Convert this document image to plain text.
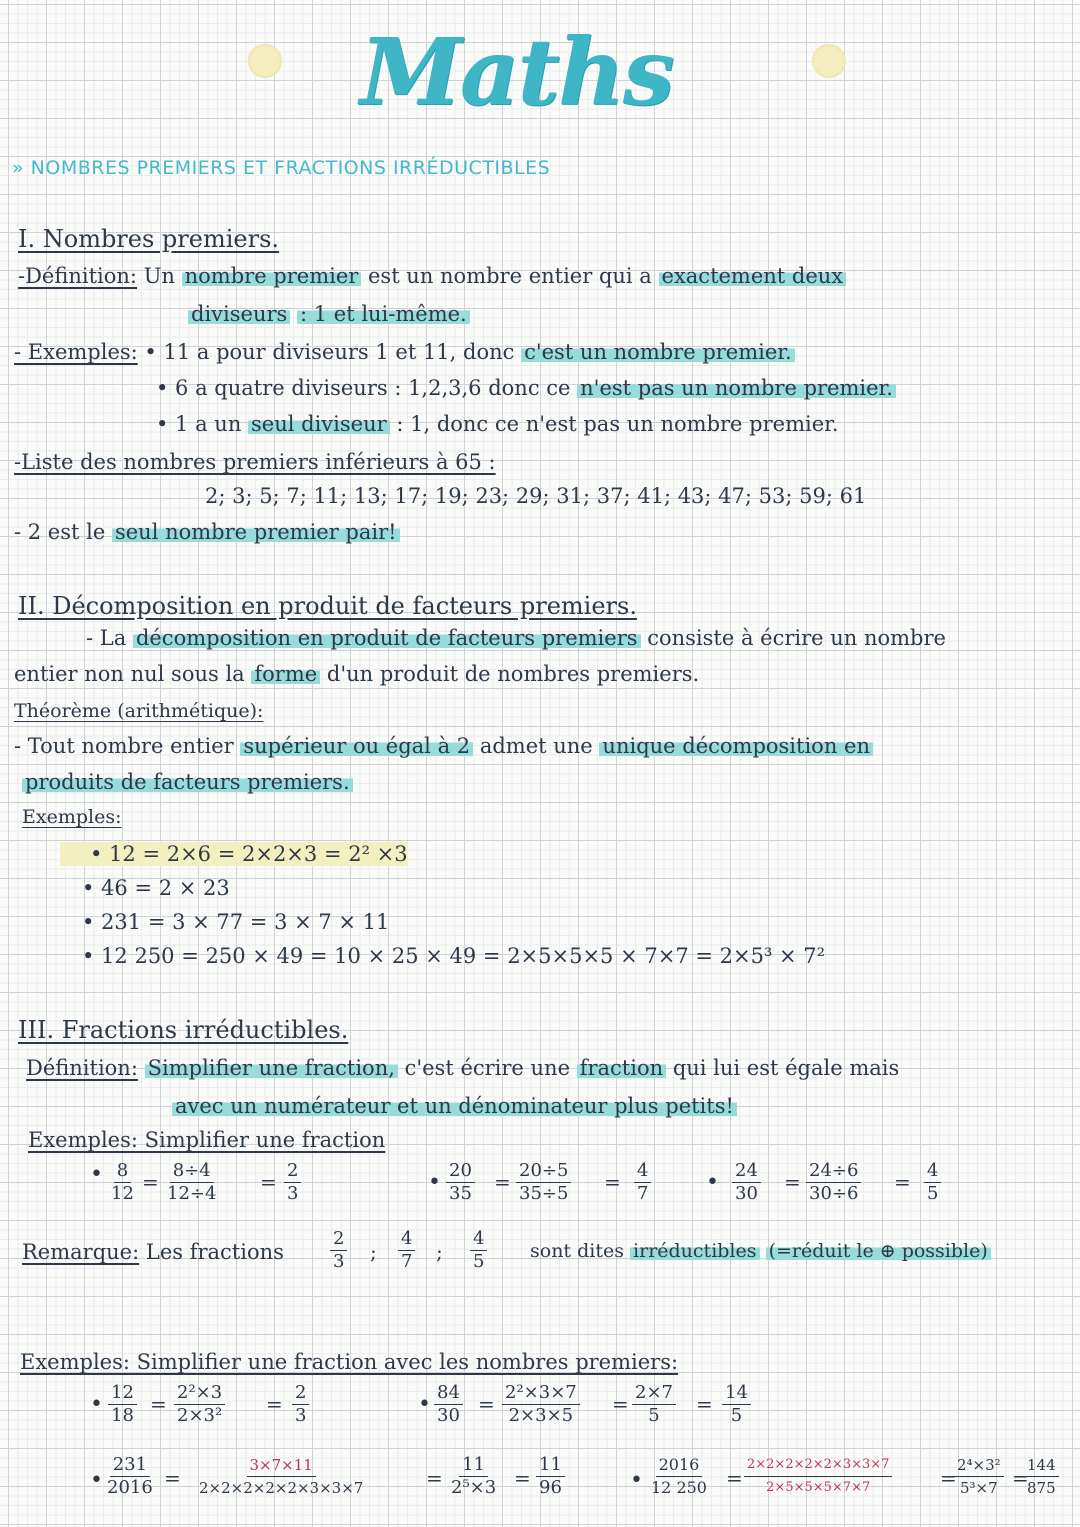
Maths
» NOMBRES PREMIERS ET FRACTIONS IRRÉDUCTIBLES
I. Nombres premiers.
-Définition: Un nombre premier est un nombre entier qui a exactement deux
diviseurs : 1 et lui-même.
- Exemples: • 11 a pour diviseurs 1 et 11, donc c'est un nombre premier.
• 6 a quatre diviseurs : 1,2,3,6 donc ce n'est pas un nombre premier.
• 1 a un seul diviseur : 1, donc ce n'est pas un nombre premier.
-Liste des nombres premiers inférieurs à 65 :
2; 3; 5; 7; 11; 13; 17; 19; 23; 29; 31; 37; 41; 43; 47; 53; 59; 61
- 2 est le seul nombre premier pair!
II. Décomposition en produit de facteurs premiers.
- La décomposition en produit de facteurs premiers consiste à écrire un nombre
entier non nul sous la forme d'un produit de nombres premiers.
Théorème (arithmétique):
- Tout nombre entier supérieur ou égal à 2 admet une unique décomposition en
produits de facteurs premiers.
Exemples:
• 12 = 2×6 = 2×2×3 = 2² ×3
• 46 = 2 × 23
• 231 = 3 × 77 = 3 × 7 × 11
• 12 250 = 250 × 49 = 10 × 25 × 49 = 2×5×5×5 × 7×7 = 2×5³ × 7²
III. Fractions irréductibles.
Définition: Simplifier une fraction, c'est écrire une fraction qui lui est égale mais
avec un numérateur et un dénominateur plus petits!
Exemples: Simplifier une fraction
• $\frac{8}{12} = \frac{8\div 4}{12\div 4} = \frac{2}{3}$	• $\frac{20}{35} = \frac{20\div 5}{35\div 5} = \frac{4}{7}$ • $\frac{24}{30} = \frac{24\div 6}{30\div 6} = \frac{4}{5}$
Remarque: Les fractions	$\frac{2}{3}$ ; $\frac{4}{7}$ ; $\frac{4}{5}$ sont dites irréductibles (=réduit le ⊕ possible)
Exemples: Simplifier une fraction avec les nombres premiers:
• $\frac{12}{18} = \frac{\text{2²×3}}{\text{2×3²}} = \frac{2}{3}$	• $\frac{84}{30} = \frac{\text{2²×3×7}}{2\times 3\times 5} = \frac{2\times 7}{5} = \frac{14}{5}$
• $\frac{231}{2016} = \frac{3\times 7\times 11}{2\times 2\times 2\times 2\times 2\times 3\times 3\times 7}$	= $\frac{11}{\text{2⁵×3}} = \frac{11}{96}$	• $\frac{2016}{12 250} = \frac{2\times 2\times 2\times 2\times 2\times 3\times 3\times 7}{2\times 5\times 5\times 5\times 7\times 7}$ =
$\frac{\text{2⁴×3²}}{\text{5³×7}}$ =
$\frac{144}{875}$
